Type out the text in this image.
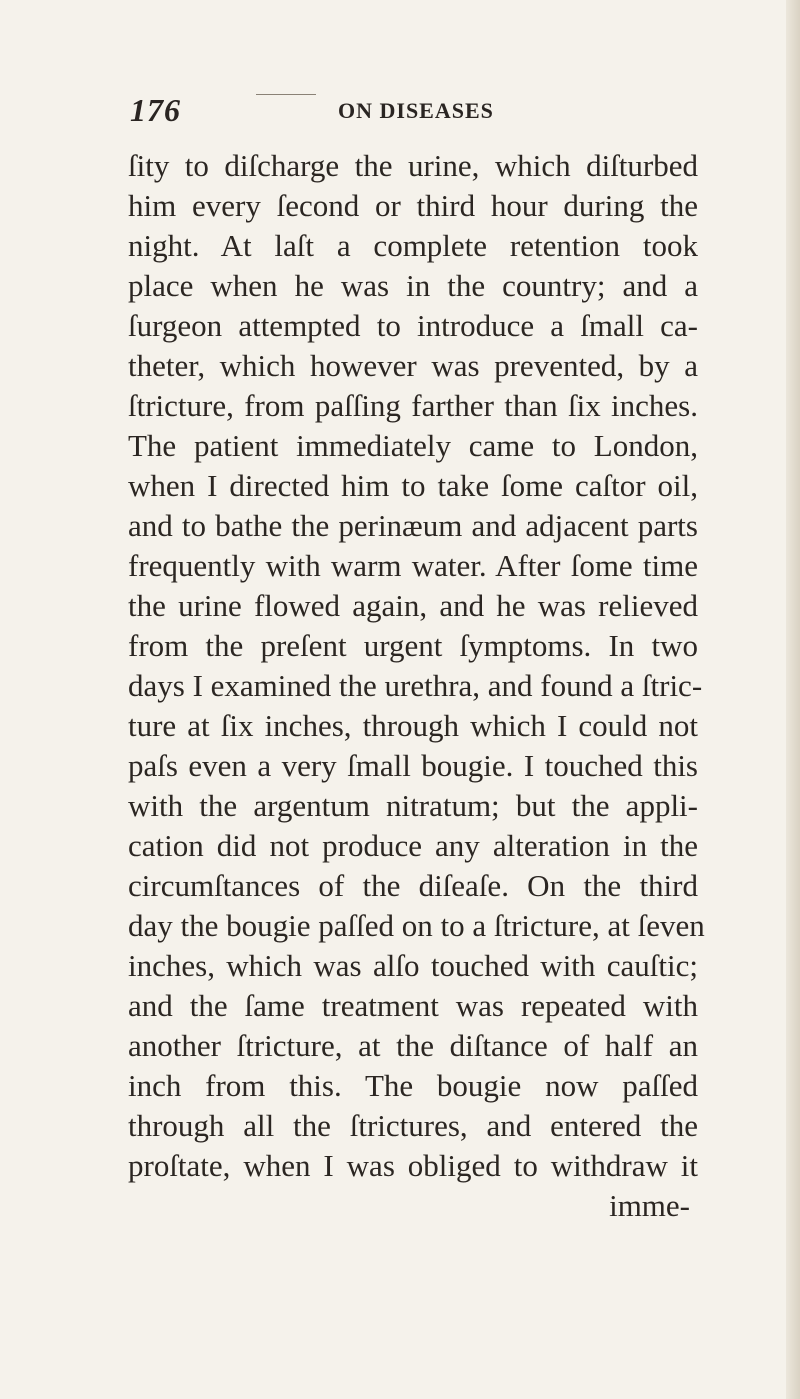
176	ON DISEASES
ſity to diſcharge the urine, which diſturbed
him every ſecond or third hour during the
night. At laſt a complete retention took
place when he was in the country; and a
ſurgeon attempted to introduce a ſmall ca-
theter, which however was prevented, by a
ſtricture, from paſſing farther than ſix inches.
The patient immediately came to London,
when I directed him to take ſome caſtor oil,
and to bathe the perinæum and adjacent parts
frequently with warm water. After ſome time
the urine flowed again, and he was relieved
from the preſent urgent ſymptoms. In two
days I examined the urethra, and found a ſtric-
ture at ſix inches, through which I could not
paſs even a very ſmall bougie. I touched this
with the argentum nitratum; but the appli-
cation did not produce any alteration in the
circumſtances of the diſeaſe. On the third
day the bougie paſſed on to a ſtricture, at ſeven
inches, which was alſo touched with cauſtic;
and the ſame treatment was repeated with
another ſtricture, at the diſtance of half an
inch from this. The bougie now paſſed
through all the ſtrictures, and entered the
proſtate, when I was obliged to withdraw it
imme-
